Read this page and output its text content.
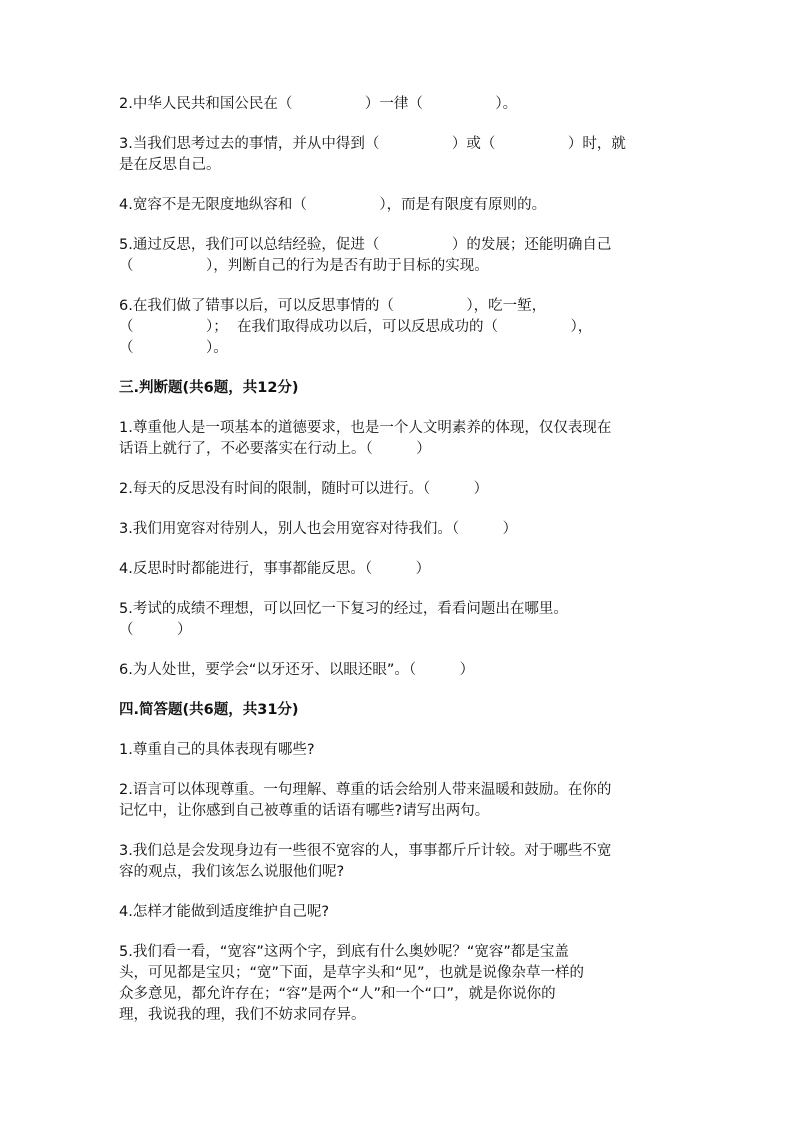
2.中华人民共和国公民在（　　　　　）一律（　　　　　）。
3.当我们思考过去的事情，并从中得到（　　　　　）或（　　　　　）时，就
是在反思自己。
4.宽容不是无限度地纵容和（　　　　　），而是有限度有原则的。
5.通过反思，我们可以总结经验，促进（　　　　　）的发展；还能明确自己
（　　　　　），判断自己的行为是否有助于目标的实现。
6.在我们做了错事以后，可以反思事情的（　　　　　），吃一堑，
（　　　　　）；  在我们取得成功以后，可以反思成功的（　　　　　），
（　　　　　）。
三.判断题(共6题，共12分)
1.尊重他人是一项基本的道德要求，也是一个人文明素养的体现，仅仅表现在
话语上就行了，不必要落实在行动上。（　　　）
2.每天的反思没有时间的限制，随时可以进行。（　　　）
3.我们用宽容对待别人，别人也会用宽容对待我们。（　　　）
4.反思时时都能进行，事事都能反思。（　　　）
5.考试的成绩不理想，可以回忆一下复习的经过，看看问题出在哪里。
（　　　）
6.为人处世，要学会“以牙还牙、以眼还眼”。（　　　）
四.简答题(共6题，共31分)
1.尊重自己的具体表现有哪些?
2.语言可以体现尊重。一句理解、尊重的话会给别人带来温暖和鼓励。在你的
记忆中，让你感到自己被尊重的话语有哪些?请写出两句。
3.我们总是会发现身边有一些很不宽容的人，事事都斤斤计较。对于哪些不宽
容的观点，我们该怎么说服他们呢?
4.怎样才能做到适度维护自己呢?
5.我们看一看，“宽容”这两个字，到底有什么奥妙呢？“宽容”都是宝盖
头，可见都是宝贝；“宽”下面，是草字头和“见”，也就是说像杂草一样的
众多意见，都允许存在；“容”是两个“人”和一个“口”，就是你说你的
理，我说我的理，我们不妨求同存异。
